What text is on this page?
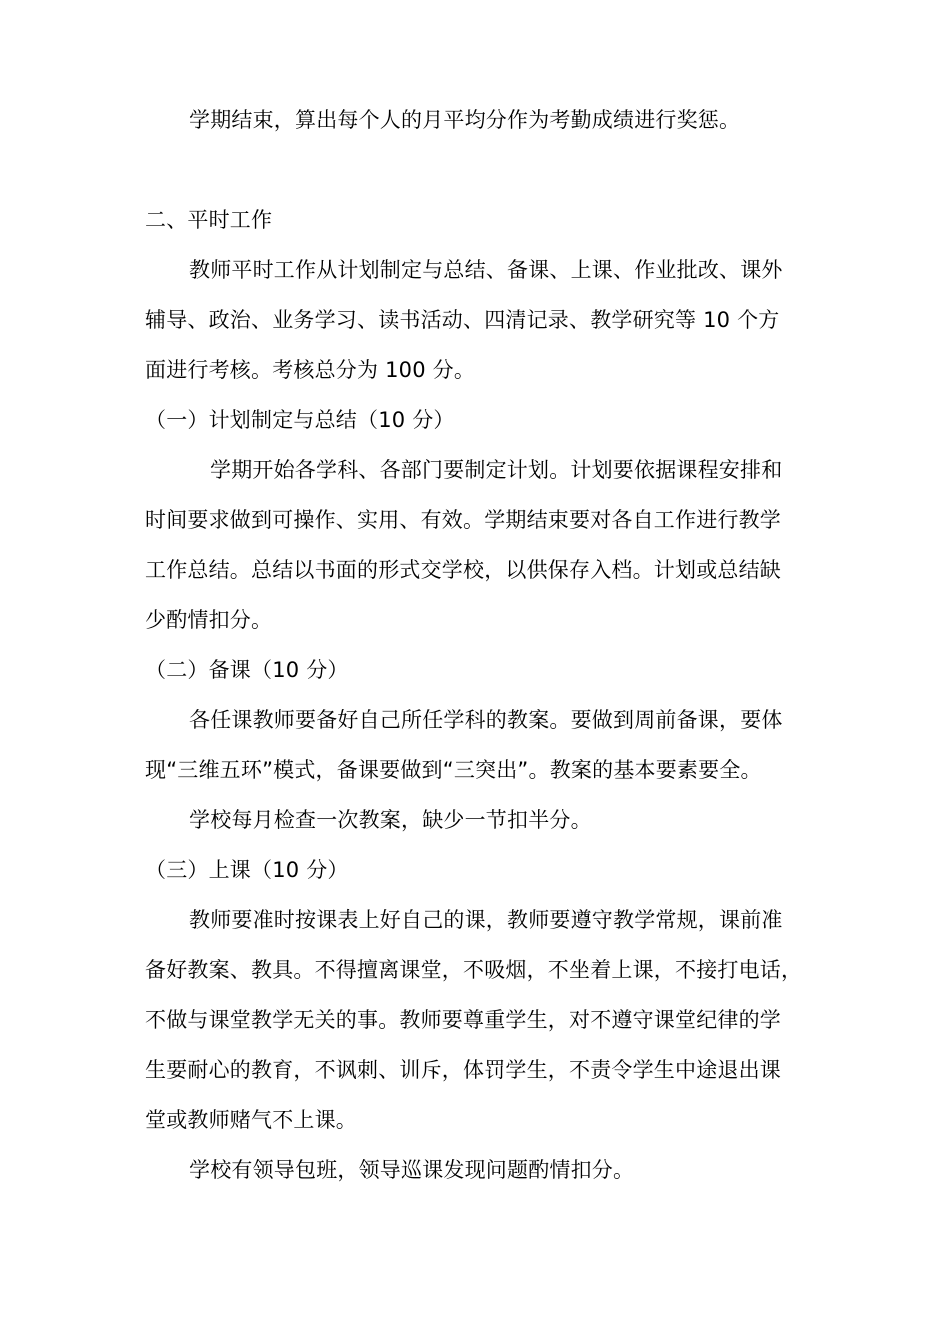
学期结束，算出每个人的月平均分作为考勤成绩进行奖惩。
二、平时工作
教师平时工作从计划制定与总结、备课、上课、作业批改、课外
辅导、政治、业务学习、读书活动、四清记录、教学研究等 10 个方
面进行考核。考核总分为 100 分。
（一）计划制定与总结（10 分）
学期开始各学科、各部门要制定计划。计划要依据课程安排和
时间要求做到可操作、实用、有效。学期结束要对各自工作进行教学
工作总结。总结以书面的形式交学校，以供保存入档。计划或总结缺
少酌情扣分。
（二）备课（10 分）
各任课教师要备好自己所任学科的教案。要做到周前备课，要体
现“三维五环”模式，备课要做到“三突出”。教案的基本要素要全。
学校每月检查一次教案，缺少一节扣半分。
（三）上课（10 分）
教师要准时按课表上好自己的课，教师要遵守教学常规，课前准
备好教案、教具。不得擅离课堂，不吸烟，不坐着上课，不接打电话，
不做与课堂教学无关的事。教师要尊重学生，对不遵守课堂纪律的学
生要耐心的教育，不讽刺、训斥，体罚学生，不责令学生中途退出课
堂或教师赌气不上课。
学校有领导包班，领导巡课发现问题酌情扣分。
